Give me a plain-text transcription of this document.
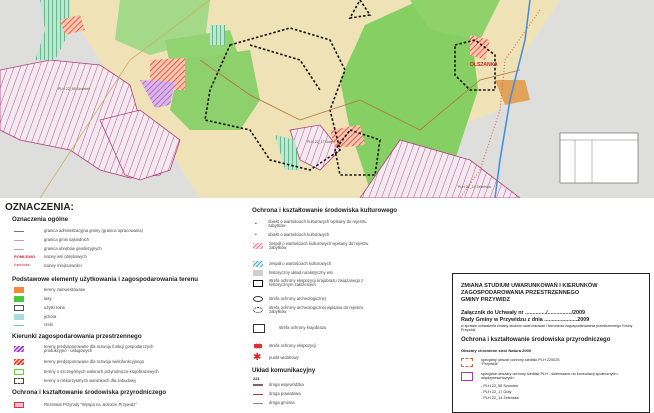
OLSZANKA
PLH 22_58 Szumleś
PLH 22_17 Guty
PLH 22_14 Żeleńska
OZNACZENIA:
Oznaczenia ogólne
granica administracyjna gminy (granica opracowania)
granica gmin sąsiednich
granica obrębów geodezyjnych
POMLEWO	nazwy wsi obrębowych
Kamionka	nazwy miejscowości
Podstawowe elementy użytkowania i zagospodarowania terenu
tereny zainwestowane
lasy
użytki rolne
jeziora
rzeki
Kierunki zagospodarowania przestrzennego
tereny predysponowane dla rozwoju funkcji gospodarczych produkcyjno - usługowych
tereny predysponowane dla rozwoju wielofunkcyjnego
tereny o szczególnych walorach przyrodniczo-krajobrazowych
tereny o niekorzystnych warunkach dla zabudowy
Ochrona i kształtowanie środowiska przyrodniczego
Rezerwat Przyrody "Wyspa na Jeziorze Przywidz"
Ochrona i kształtowanie środowiska kulturowego
▪	obiekt o wartościach kulturowych wpisany do rejestru zabytków
•	obiekt o wartościach kulturowych
zespół o wartościach kulturowych wpisany do rejestru zabytków
zespół o wartościach kulturowych
historyczny układ ruralistyczny wsi
strefa ochrony ekspozycji krajobrazu związanego z historycznym założeniem
strefa ochrony archeologicznej
strefa ochrony archeologicznej wpisana do rejestru zabytków
strefa ochrony krajobrazu
strefa ochrony ekspozycji
✱	punkt widokowy
Układ komunikacyjny
221
droga wojewódzka
droga powiatowa
droga gminna
ZMIANA STUDIUM UWARUNKOWAŃ I KIERUNKÓW
ZAGOSPODAROWANIA PRZESTRZENNEGO
GMINY PRZYWIDZ
Załącznik do Uchwały nr ............../................/2009
Rady Gminy w Przywidzu z dnia ......................2009
w sprawie uchwalenia zmiany studium uwarunkowań i kierunków zagospodarowania przestrzennego Gminy Przywidz
Ochrona i kształtowanie środowiska przyrodniczego
Obszary chronione sieci Natura 2000
specjalny obszar ochrony siedlisk PLH 220025 "Przywidz"
specjalne obszary ochrony siedlisk PLH - skierowane do konsultacji społecznych i międzyresortowych:
- PLH 22_58 Szumleś
- PLH 22_17 Guty
- PLH 22_14 Żeleńska
